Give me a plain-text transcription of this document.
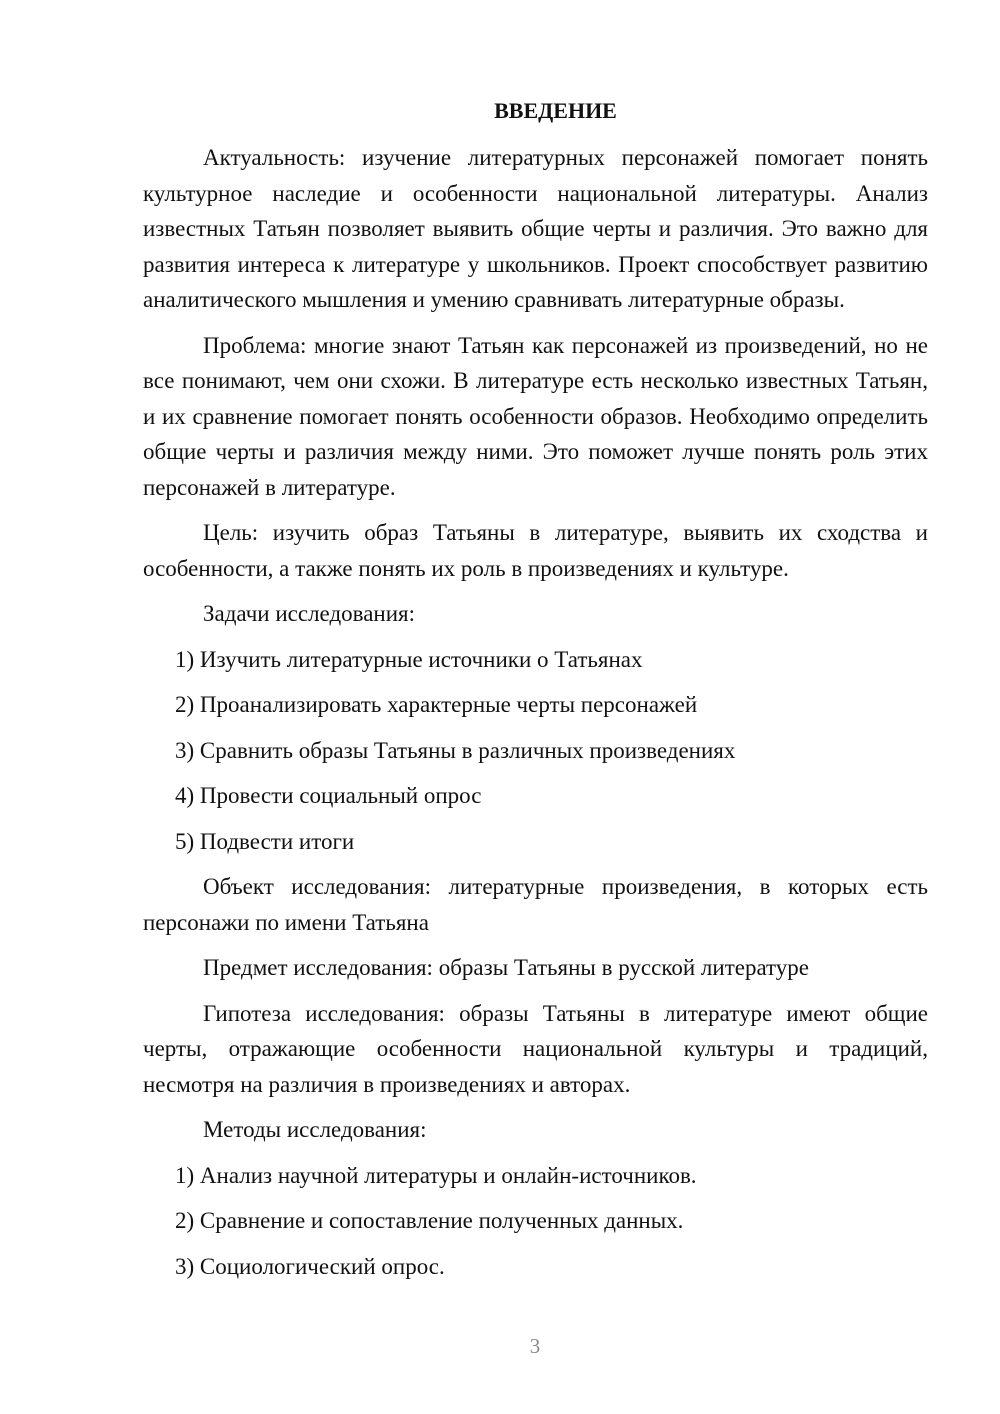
ВВЕДЕНИЕ

Актуальность: изучение литературных персонажей помогает понять культурное наследие и особенности национальной литературы. Анализ известных Татьян позволяет выявить общие черты и различия. Это важно для развития интереса к литературе у школьников. Проект способствует развитию аналитического мышления и умению сравнивать литературные образы.

Проблема: многие знают Татьян как персонажей из произведений, но не все понимают, чем они схожи. В литературе есть несколько известных Татьян, и их сравнение помогает понять особенности образов. Необходимо определить общие черты и различия между ними. Это поможет лучше понять роль этих персонажей в литературе.

Цель: изучить образ Татьяны в литературе, выявить их сходства и особенности, а также понять их роль в произведениях и культуре.

Задачи исследования:

1) Изучить литературные источники о Татьянах
2) Проанализировать характерные черты персонажей
3) Сравнить образы Татьяны в различных произведениях
4) Провести социальный опрос
5) Подвести итоги

Объект исследования: литературные произведения, в которых есть персонажи по имени Татьяна

Предмет исследования: образы Татьяны в русской литературе

Гипотеза исследования: образы Татьяны в литературе имеют общие черты, отражающие особенности национальной культуры и традиций, несмотря на различия в произведениях и авторах.

Методы исследования:

1) Анализ научной литературы и онлайн-источников.
2) Сравнение и сопоставление полученных данных.
3) Социологический опрос.
3
